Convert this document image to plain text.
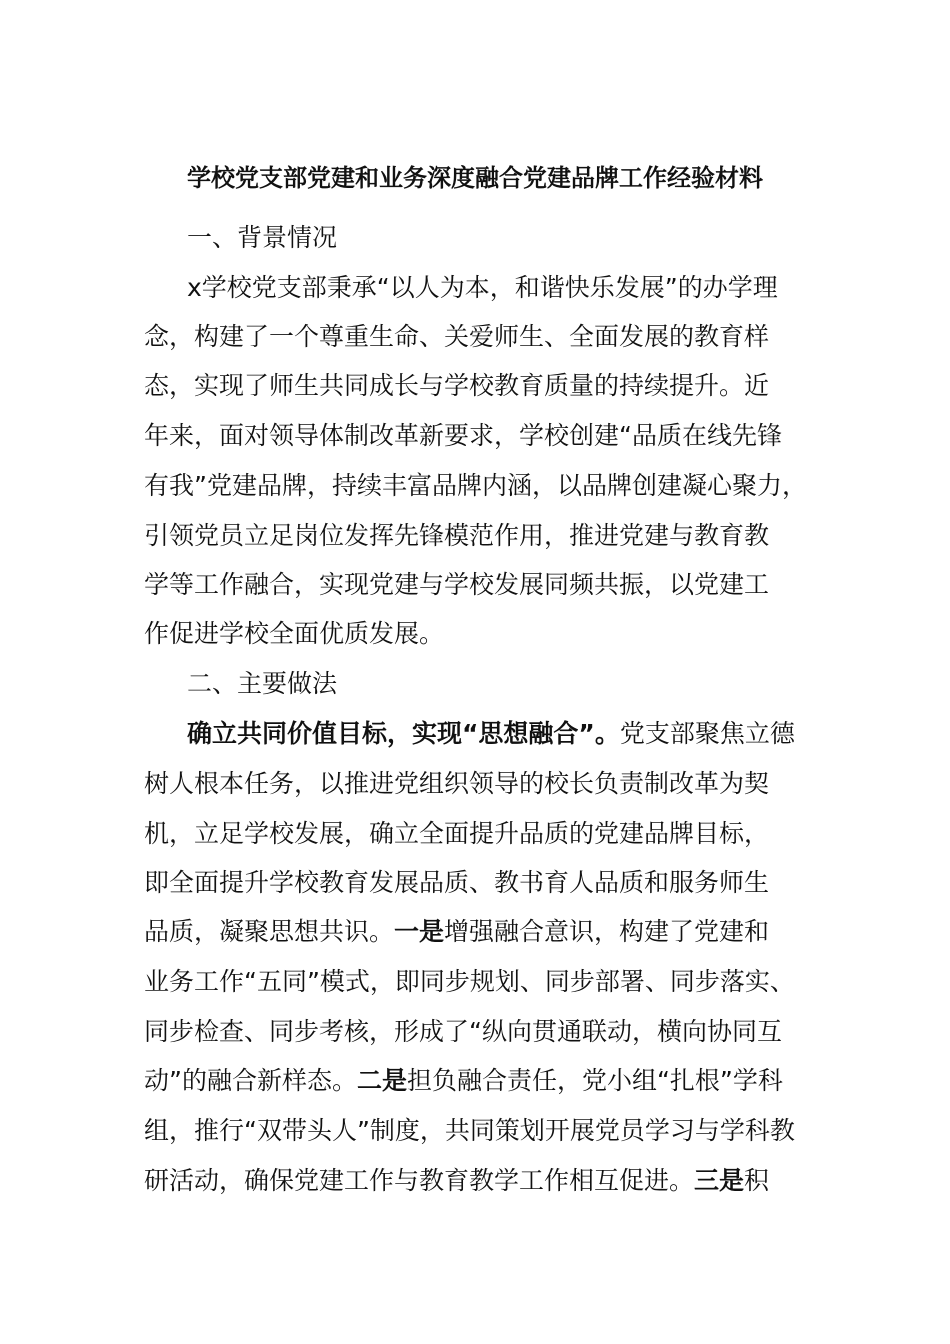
学校党支部党建和业务深度融合党建品牌工作经验材料
一、背景情况
x学校党支部秉承“以人为本，和谐快乐发展”的办学理
念，构建了一个尊重生命、关爱师生、全面发展的教育样
态，实现了师生共同成长与学校教育质量的持续提升。近
年来，面对领导体制改革新要求，学校创建“品质在线先锋
有我”党建品牌，持续丰富品牌内涵，以品牌创建凝心聚力，
引领党员立足岗位发挥先锋模范作用，推进党建与教育教
学等工作融合，实现党建与学校发展同频共振，以党建工
作促进学校全面优质发展。
二、主要做法
确立共同价值目标，实现“思想融合”。党支部聚焦立德
树人根本任务，以推进党组织领导的校长负责制改革为契
机，立足学校发展，确立全面提升品质的党建品牌目标，
即全面提升学校教育发展品质、教书育人品质和服务师生
品质，凝聚思想共识。一是增强融合意识，构建了党建和
业务工作“五同”模式，即同步规划、同步部署、同步落实、
同步检查、同步考核，形成了“纵向贯通联动，横向协同互
动”的融合新样态。二是担负融合责任，党小组“扎根”学科
组，推行“双带头人”制度，共同策划开展党员学习与学科教
研活动，确保党建工作与教育教学工作相互促进。三是积
